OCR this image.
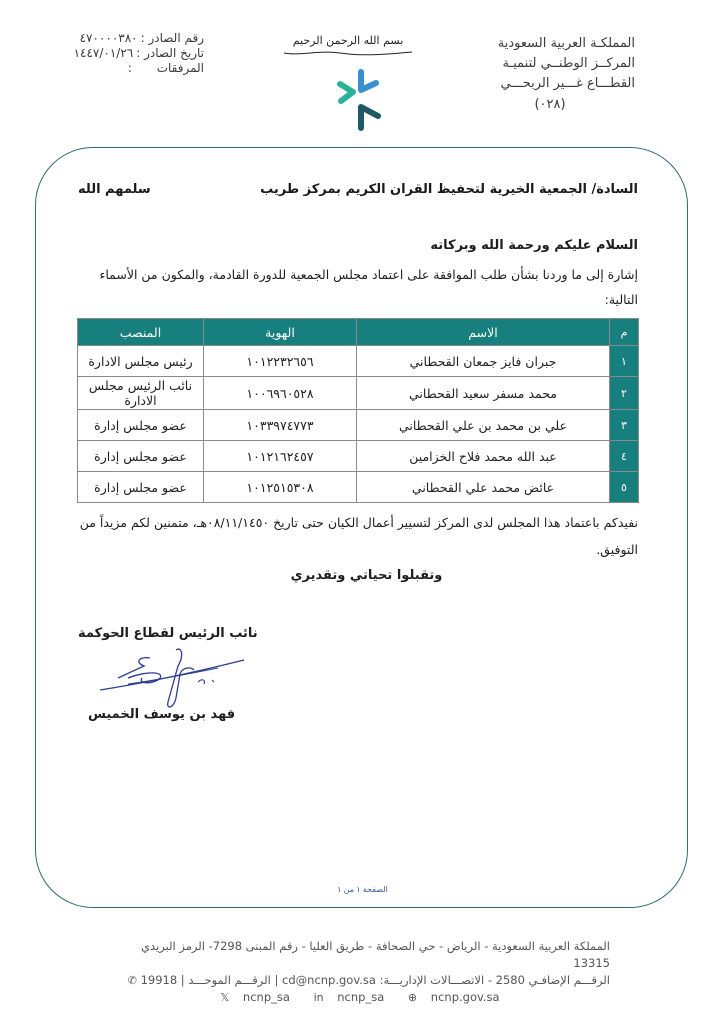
المملكـة العربية السعودية
المركــز الوطنــي لتنميـة
القطـــاع غـــير الربحـــي
(٠٢٨)
بسم الله الرحمن الرحيم
رقم الصادر :٤٧٠٠٠٠٣٨٠
تاريخ الصادر :١٤٤٧/٠١/٢٦
المرفقات :
السادة/ الجمعية الخيرية لتحفيظ القران الكريم بمركز طريب
سلمهم الله
السلام عليكم ورحمة الله وبركاته
إشارة إلى ما وردنا بشأن طلب الموافقة على اعتماد مجلس الجمعية للدورة القادمة، والمكون من الأسماء التالية:
م	الاسم	الهوية	المنصب
١	جبران فايز جمعان القحطاني	١٠١٢٢٣٢٦٥٦	رئيس مجلس الادارة
٢	محمد مسفر سعيد القحطاني	١٠٠٦٩٦٠٥٢٨	نائب الرئيس مجلس الادارة
٣	علي بن محمد بن علي القحطاني	١٠٣٣٩٧٤٧٧٣	عضو مجلس إدارة
٤	عبد الله محمد فلاح الخزامين	١٠١٢١٦٢٤٥٧	عضو مجلس إدارة
٥	عائض محمد علي القحطاني	١٠١٢٥١٥٣٠٨	عضو مجلس إدارة
نفيدكم باعتماد هذا المجلس لدى المركز لتسيير أعمال الكيان حتى تاريخ ٠٨/١١/١٤٥٠هـ، متمنين لكم مزيداً من التوفيق.
وتقبلوا تحياتي وتقديري
نائب الرئيس لقطاع الحوكمة
فهد بن يوسف الخميس
الصفحة ١ من ١
المملكة العربية السعودية - الرياض - حي الصحافة - طريق العليا - رقم المبنى 7298- الرمز البريدي 13315
الرقـــم الإضافـي 2580 - الاتصـــالات الإداريـــة: cd@ncnp.gov.sa | الرقـــم الموحـــد | 19918 ✆
𝕏 ncnp_sa in ncnp_sa ⊕ ncnp.gov.sa
